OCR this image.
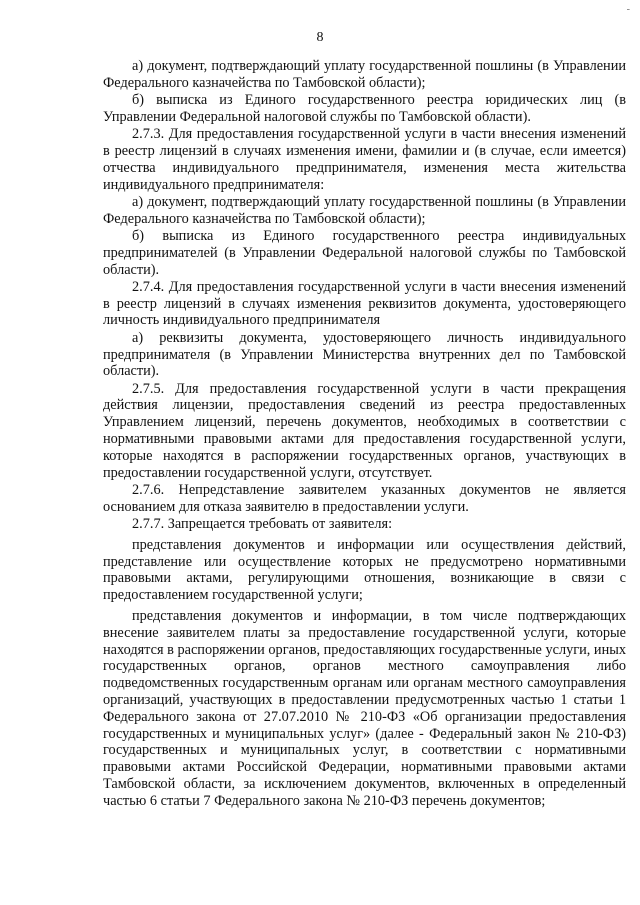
-
8

а) документ, подтверждающий уплату государственной пошлины (в Управлении Федерального казначейства по Тамбовской области);

б) выписка из Единого государственного реестра юридических лиц (в Управлении Федеральной налоговой службы по Тамбовской области).

2.7.3. Для предоставления государственной услуги в части внесения изменений в реестр лицензий в случаях изменения имени, фамилии и (в случае, если имеется) отчества индивидуального предпринимателя, изменения места жительства индивидуального предпринимателя:

а) документ, подтверждающий уплату государственной пошлины (в Управлении Федерального казначейства по Тамбовской области);

б) выписка из Единого государственного реестра индивидуальных предпринимателей (в Управлении Федеральной налоговой службы по Тамбовской области).

2.7.4. Для предоставления государственной услуги в части внесения изменений в реестр лицензий в случаях изменения реквизитов документа, удостоверяющего личность индивидуального предпринимателя

а) реквизиты документа, удостоверяющего личность индивидуального предпринимателя (в Управлении Министерства внутренних дел по Тамбовской области).

2.7.5. Для предоставления государственной услуги в части прекращения действия лицензии, предоставления сведений из реестра предоставленных Управлением лицензий, перечень документов, необходимых в соответствии с нормативными правовыми актами для предоставления государственной услуги, которые находятся в распоряжении государственных органов, участвующих в предоставлении государственной услуги, отсутствует.

2.7.6. Непредставление заявителем указанных документов не является основанием для отказа заявителю в предоставлении услуги.

2.7.7. Запрещается требовать от заявителя:

представления документов и информации или осуществления действий, представление или осуществление которых не предусмотрено нормативными правовыми актами, регулирующими отношения, возникающие в связи с предоставлением государственной услуги;

представления документов и информации, в том числе подтверждающих внесение заявителем платы за предоставление государственной услуги, которые находятся в распоряжении органов, предоставляющих государственные услуги, иных государственных органов, органов местного самоуправления либо подведомственных государственным органам или органам местного самоуправления организаций, участвующих в предоставлении предусмотренных частью 1 статьи 1 Федерального закона от 27.07.2010 № 210-ФЗ «Об организации предоставления государственных и муниципальных услуг» (далее - Федеральный закон № 210-ФЗ) государственных и муниципальных услуг, в соответствии с нормативными правовыми актами Российской Федерации, нормативными правовыми актами Тамбовской области, за исключением документов, включенных в определенный частью 6 статьи 7 Федерального закона № 210-ФЗ перечень документов;
